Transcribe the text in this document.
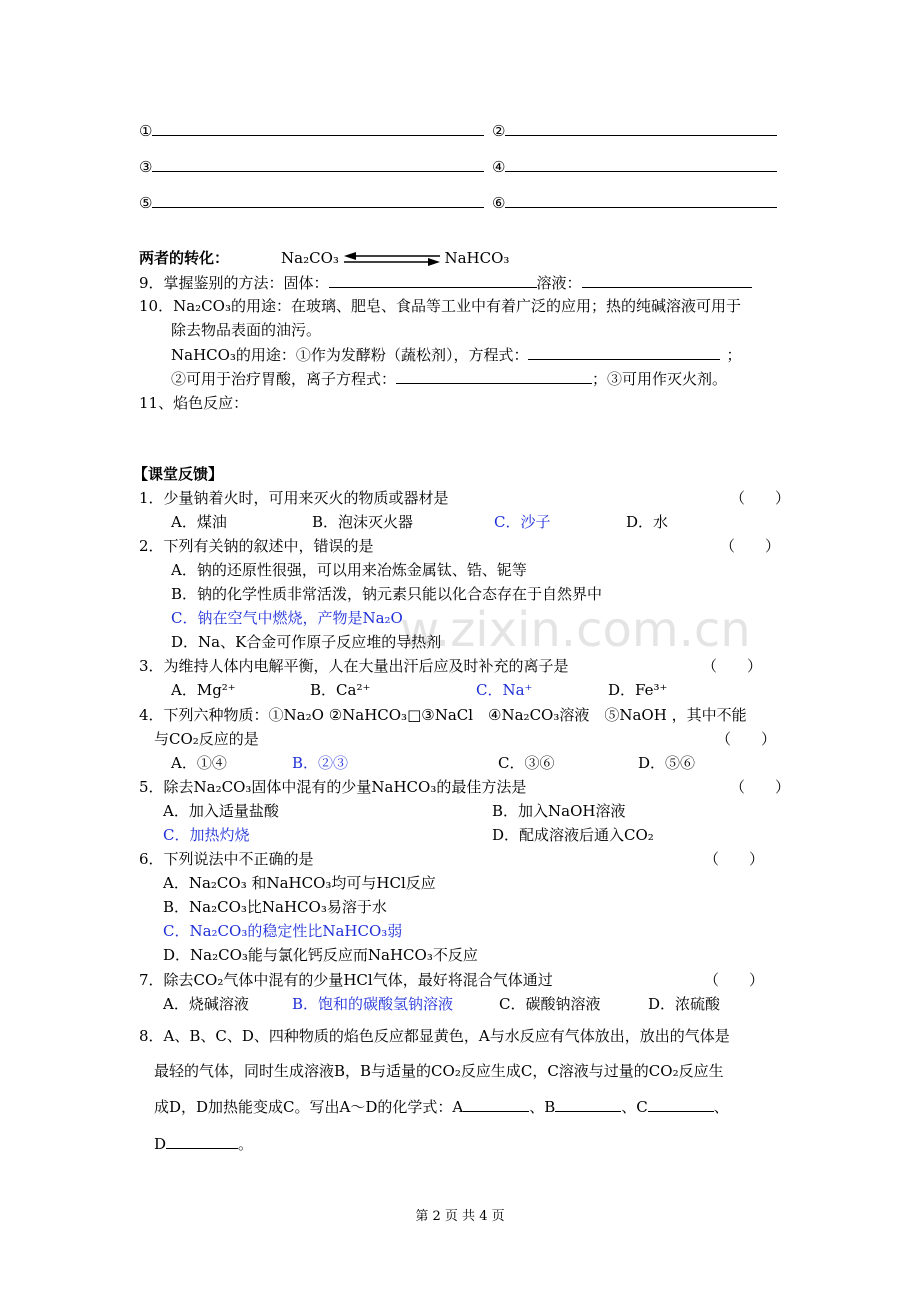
①	②
③	④
⑤	⑥
两者的转化：	Na₂CO₃	NaHCO₃
9．掌握鉴别的方法：固体：	溶液：
10．Na₂CO₃的用途：在玻璃、肥皂、食品等工业中有着广泛的应用；热的纯碱溶液可用于
除去物品表面的油污。
NaHCO₃的用途：①作为发酵粉（蔬松剂），方程式：	；
②可用于治疗胃酸，离子方程式：	；③可用作灭火剂。
11、焰色反应：
【课堂反馈】
1．少量钠着火时，可用来灭火的物质或器材是	（　　）
A．煤油	B．泡沫灭火器	C．沙子	D．水
2．下列有关钠的叙述中，错误的是	（　　）
A．钠的还原性很强，可以用来冶炼金属钛、锆、铌等
B．钠的化学性质非常活泼，钠元素只能以化合态存在于自然界中
C．钠在空气中燃烧，产物是Na₂O
D．Na、K合金可作原子反应堆的导热剂
w.zixin.com.cn
3．为维持人体内电解平衡，人在大量出汗后应及时补充的离子是	（　　）
A．Mg²⁺	B．Ca²⁺	C．Na⁺	D．Fe³⁺
4．下列六种物质：①Na₂O ②NaHCO₃□③NaCl　④Na₂CO₃溶液　⑤NaOH ，其中不能
与CO₂反应的是	（　　）
A．①④	B．②③	C．③⑥	D．⑤⑥
5．除去Na₂CO₃固体中混有的少量NaHCO₃的最佳方法是	（　　）
A．加入适量盐酸	B．加入NaOH溶液
C．加热灼烧	D．配成溶液后通入CO₂
6．下列说法中不正确的是	（　　）
A．Na₂CO₃ 和NaHCO₃均可与HCl反应
B．Na₂CO₃比NaHCO₃易溶于水
C．Na₂CO₃的稳定性比NaHCO₃弱
D．Na₂CO₃能与氯化钙反应而NaHCO₃不反应
7．除去CO₂气体中混有的少量HCl气体，最好将混合气体通过	（　　）
A．烧碱溶液	B．饱和的碳酸氢钠溶液	C．碳酸钠溶液	D．浓硫酸
8．A、B、C、D、四种物质的焰色反应都显黄色，A与水反应有气体放出，放出的气体是
最轻的气体，同时生成溶液B，B与适量的CO₂反应生成C，C溶液与过量的CO₂反应生
成D，D加热能变成C。写出A～D的化学式：A	、B	、C	、
D	。
第 2 页 共 4 页
